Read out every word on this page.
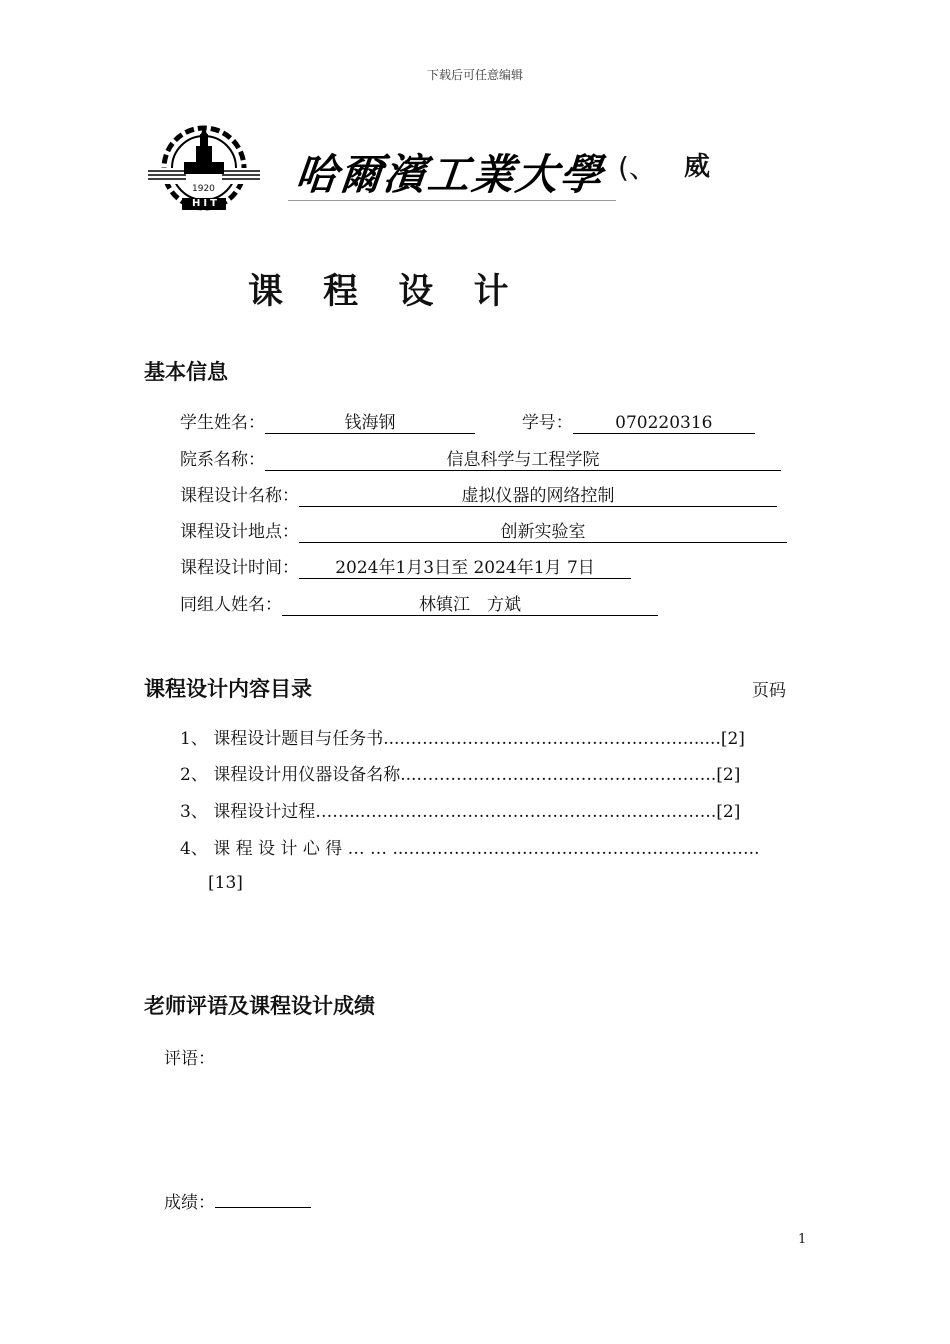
下载后可任意编辑
1920
HIT
哈爾濱工業大學 (、 威
课 程 设 计
基本信息
学生姓名：	钱海钢	学号： 070220316
院系名称：	信息科学与工程学院
课程设计名称：	虚拟仪器的网络控制
课程设计地点：	创新实验室
课程设计时间： 2024年1月3日至 2024年1月 7日
同组人姓名：	林镇江　方斌
课程设计内容目录	页码
1、 课程设计题目与任务书...……………………………………………......[2]
2、 课程设计用仪器设备名称...……………………………………………..[2]
3、 课程设计过程……...……………………………………………………..[2]
4、 课 程 设 计 心 得 … … ...……………………………………………………..
[13]
老师评语及课程设计成绩
评语：
成绩：
1
